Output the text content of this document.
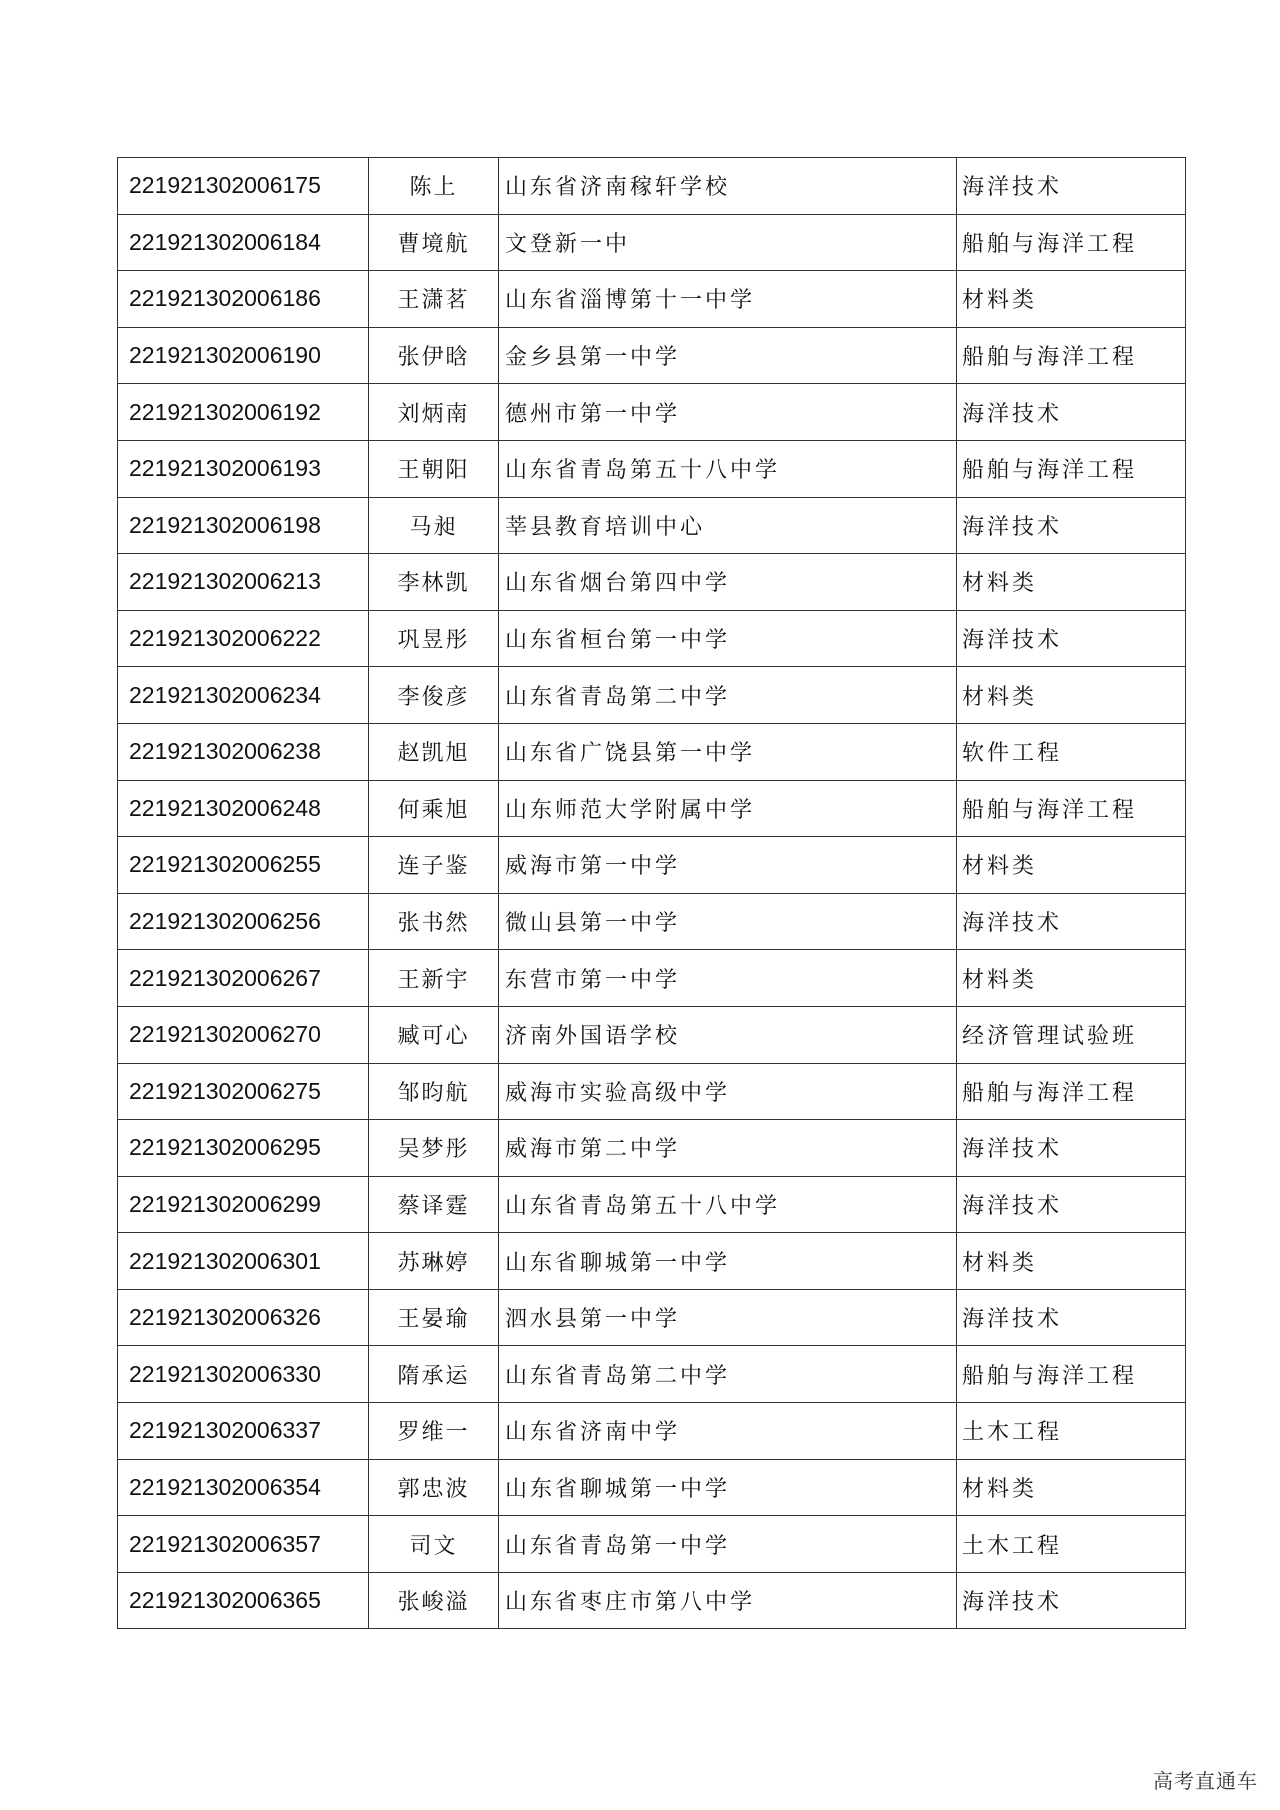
221921302006175	陈上	山东省济南稼轩学校	海洋技术
221921302006184	曹境航	文登新一中	船舶与海洋工程
221921302006186	王潇茗	山东省淄博第十一中学	材料类
221921302006190	张伊晗	金乡县第一中学	船舶与海洋工程
221921302006192	刘炳南	德州市第一中学	海洋技术
221921302006193	王朝阳	山东省青岛第五十八中学	船舶与海洋工程
221921302006198	马昶	莘县教育培训中心	海洋技术
221921302006213	李林凯	山东省烟台第四中学	材料类
221921302006222	巩昱彤	山东省桓台第一中学	海洋技术
221921302006234	李俊彦	山东省青岛第二中学	材料类
221921302006238	赵凯旭	山东省广饶县第一中学	软件工程
221921302006248	何乘旭	山东师范大学附属中学	船舶与海洋工程
221921302006255	连子鉴	威海市第一中学	材料类
221921302006256	张书然	微山县第一中学	海洋技术
221921302006267	王新宇	东营市第一中学	材料类
221921302006270	臧可心	济南外国语学校	经济管理试验班
221921302006275	邹昀航	威海市实验高级中学	船舶与海洋工程
221921302006295	吴梦彤	威海市第二中学	海洋技术
221921302006299	蔡译霆	山东省青岛第五十八中学	海洋技术
221921302006301	苏琳婷	山东省聊城第一中学	材料类
221921302006326	王晏瑜	泗水县第一中学	海洋技术
221921302006330	隋承运	山东省青岛第二中学	船舶与海洋工程
221921302006337	罗维一	山东省济南中学	土木工程
221921302006354	郭忠波	山东省聊城第一中学	材料类
221921302006357	司文	山东省青岛第一中学	土木工程
221921302006365	张峻溢	山东省枣庄市第八中学	海洋技术
高考直通车
